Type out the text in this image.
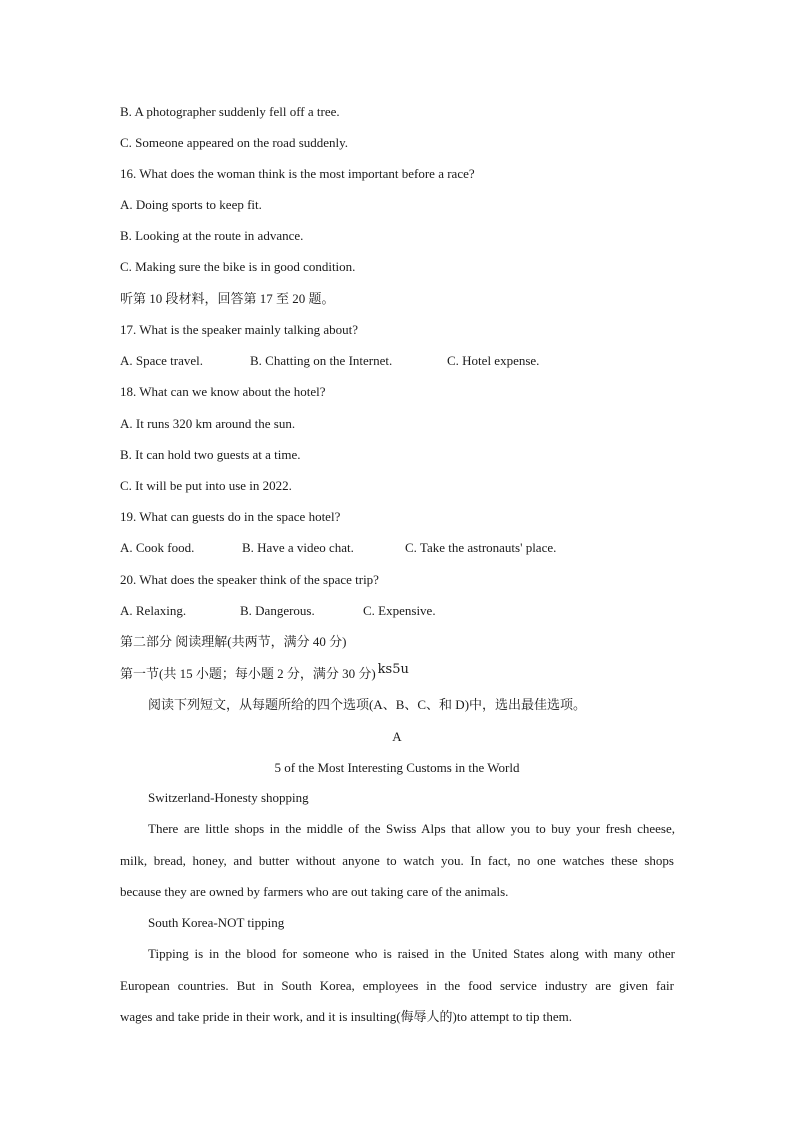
B. A photographer suddenly fell off a tree.
C. Someone appeared on the road suddenly.
16. What does the woman think is the most important before a race?
A. Doing sports to keep fit.
B. Looking at the route in advance.
C. Making sure the bike is in good condition.
听第 10 段材料，回答第 17 至 20 题。
17. What is the speaker mainly talking about?
A. Space travel.	B. Chatting on the Internet.	C. Hotel expense.
18. What can we know about the hotel?
A. It runs 320 km around the sun.
B. It can hold two guests at a time.
C. It will be put into use in 2022.
19. What can guests do in the space hotel?
A. Cook food.	B. Have a video chat.	C. Take the astronauts' place.
20. What does the speaker think of the space trip?
A. Relaxing.	B. Dangerous.	C. Expensive.
第二部分 阅读理解(共两节，满分 40 分)
第一节(共 15 小题；每小题 2 分，满分 30 分) ks5u
阅读下列短文，从每题所给的四个选项(A、B、C、和 D)中，选出最佳选项。
A
5 of the Most Interesting Customs in the World
Switzerland-Honesty shopping
There are little shops in the middle of the Swiss Alps that allow you to buy your fresh cheese,
milk, bread, honey, and butter without anyone to watch you. In fact, no one watches these shops
because they are owned by farmers who are out taking care of the animals.
South Korea-NOT tipping
Tipping is in the blood for someone who is raised in the United States along with many other
European countries. But in South Korea, employees in the food service industry are given fair
wages and take pride in their work, and it is insulting(侮辱人的)to attempt to tip them.
